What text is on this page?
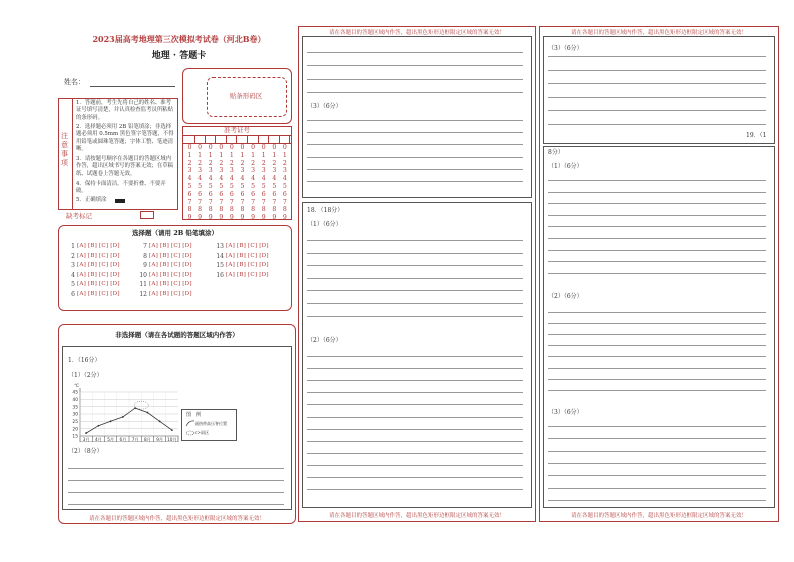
2023届高考地理第三次模拟考试卷（河北B卷）
地理 · 答题卡
姓名：
贴条形码区
注意事项
1．答题前，考生先将自己的姓名、准考证号填写清楚，并认真检查监考员所粘贴的条形码。
2．选择题必须用 2B 铅笔填涂；非选择题必须用 0.5mm 黑色签字笔答题，不得用铅笔或圆珠笔答题；字体工整、笔迹清晰。
3．请按题号顺序在各题目的答题区域内作答，超出区域书写的答案无效；在草稿纸、试题卷上答题无效。
4．保持卡面清洁，不要折叠、不要弄破。
5．正确填涂
缺考标记
准考证号
0
1
2
3
4
5
6
7
8
9
0
1
2
3
4
5
6
7
8
9
0
1
2
3
4
5
6
7
8
9
0
1
2
3
4
5
6
7
8
9
0
1
2
3
4
5
6
7
8
9
0
1
2
3
4
5
6
7
8
9
0
1
2
3
4
5
6
7
8
9
0
1
2
3
4
5
6
7
8
9
0
1
2
3
4
5
6
7
8
9
0
1
2
3
4
5
6
7
8
9
选择题（请用 2B 铅笔填涂）
1 [A] [B] [C] [D]
2 [A] [B] [C] [D]
3 [A] [B] [C] [D]
4 [A] [B] [C] [D]
5 [A] [B] [C] [D]
6 [A] [B] [C] [D]
7 [A] [B] [C] [D]
8 [A] [B] [C] [D]
9 [A] [B] [C] [D]
10 [A] [B] [C] [D]
11 [A] [B] [C] [D]
12 [A] [B] [C] [D]
13 [A] [B] [C] [D]
14 [A] [B] [C] [D]
15 [A] [B] [C] [D]
16 [A] [B] [C] [D]
非选择题（请在各试题的答题区域内作答）
1．（16分）
（1）（2分）
℃
15
20
25
30
35
40
45
3月 4月 5月 6月 7月 8月 9月 10月
图　例
副热带高压脊位置
c>雨区
（2）（8分）
请在各题目的答题区域内作答，超出黑色矩形边框限定区域的答案无效！
请在各题目的答题区域内作答，超出黑色矩形边框限定区域的答案无效！
（3）（6分）
18．（18分）
（1）（6分）
（2）（6分）
请在各题目的答题区域内作答，超出黑色矩形边框限定区域的答案无效！
请在各题目的答题区域内作答，超出黑色矩形边框限定区域的答案无效！
（3）（6分）
19．（1
8分）
（1）（6分）
（2）（6分）
（3）（6分）
请在各题目的答题区域内作答，超出黑色矩形边框限定区域的答案无效！
